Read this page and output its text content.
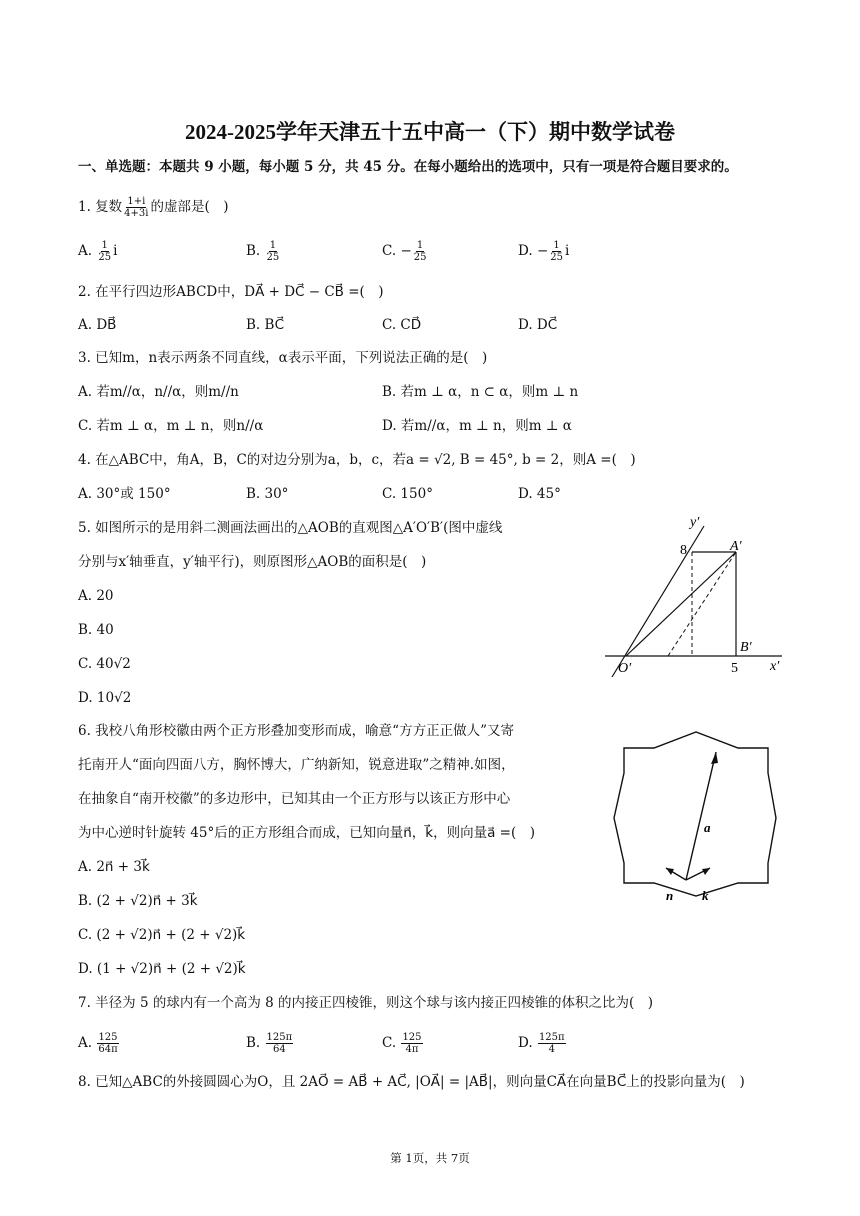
2024-2025学年天津五十五中高一（下）期中数学试卷
一、单选题：本题共 9 小题，每小题 5 分，共 45 分。在每小题给出的选项中，只有一项是符合题目要求的。
1. 复数 $\frac{1+i}{4+3i}$ 的虚部是(　)
A. $\frac{1}{25}$ i	B. $\frac{1}{25}$	C. − $\frac{1}{25}$	D. − $\frac{1}{25}$ i
2. 在平行四边形ABCD中，DA⃗ + DC⃗ − CB⃗ =(　)
A. DB⃗	B. BC⃗	C. CD⃗	D. DC⃗
3. 已知m，n表示两条不同直线，α表示平面，下列说法正确的是(　)
A. 若m//α，n//α，则m//n	B. 若m ⊥ α，n ⊂ α，则m ⊥ n
C. 若m ⊥ α，m ⊥ n，则n//α	D. 若m//α，m ⊥ n，则m ⊥ α
4. 在△ABC中，角A，B，C的对边分别为a，b，c，若a = √2, B = 45°, b = 2，则A =(　)
A. 30°或 150°	B. 30°	C. 150°	D. 45°
5. 如图所示的是用斜二测画法画出的△AOB的直观图△A′O′B′(图中虚线
分别与x′轴垂直，y′轴平行)，则原图形△AOB的面积是(　)
A. 20
B. 40
C. 40√2
D. 10√2
y′
x′
O′
A′
B′
8
5
6. 我校八角形校徽由两个正方形叠加变形而成，喻意“方方正正做人”又寄
托南开人“面向四面八方，胸怀博大，广纳新知，锐意进取”之精神.如图，
在抽象自“南开校徽”的多边形中，已知其由一个正方形与以该正方形中心
为中心逆时针旋转 45°后的正方形组合而成，已知向量n⃗，k⃗，则向量a⃗ =(　)
A. 2n⃗ + 3k⃗
B. (2 + √2)n⃗ + 3k⃗
C. (2 + √2)n⃗ + (2 + √2)k⃗
D. (1 + √2)n⃗ + (2 + √2)k⃗
a
n k
7. 半径为 5 的球内有一个高为 8 的内接正四棱锥，则这个球与该内接正四棱锥的体积之比为(　)
A. $\frac{125}{64\pi}$	B. $\frac{125\pi}{64}$	C. $\frac{125}{4\pi}$	D. $\frac{125\pi}{4}$
8. 已知△ABC的外接圆圆心为O，且 2AO⃗ = AB⃗ + AC⃗, |OA⃗| = |AB⃗|，则向量CA⃗在向量BC⃗上的投影向量为(　)
第 1页，共 7页
